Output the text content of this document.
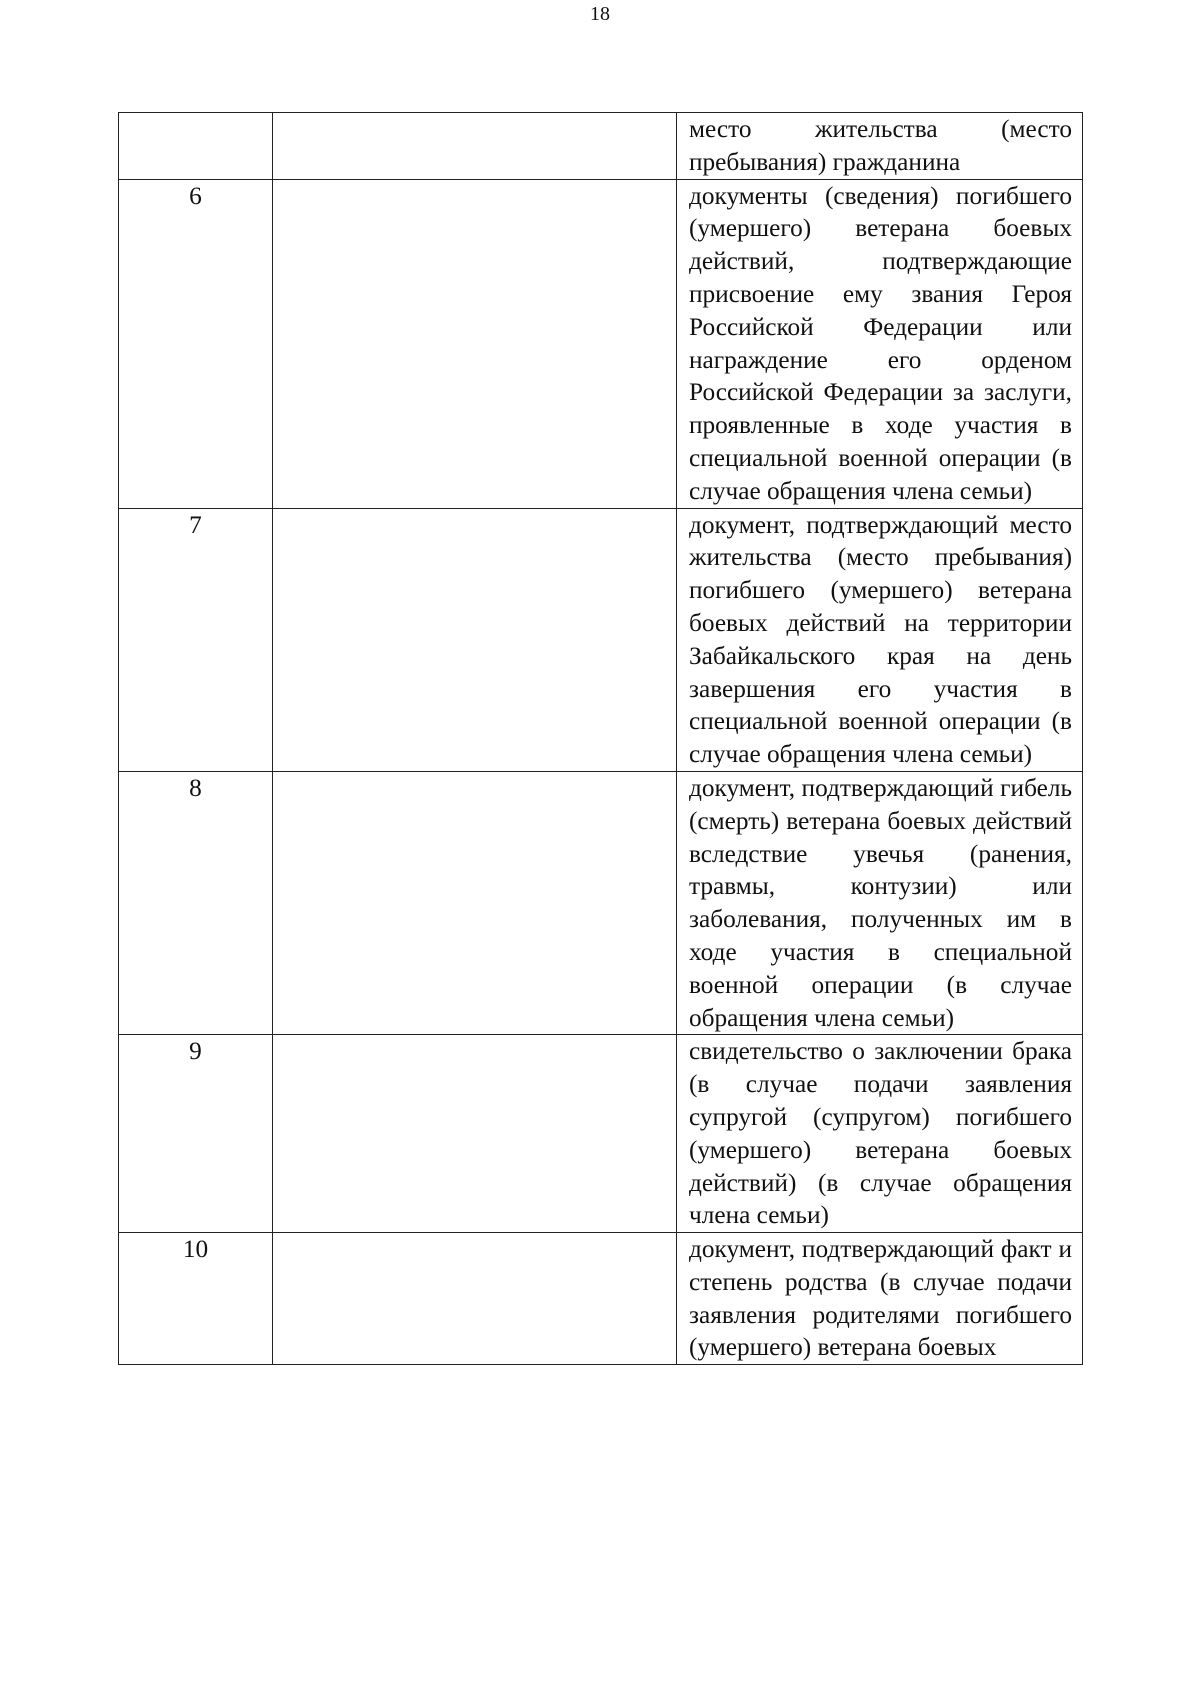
18

		место жительства (место пребывания) гражданина

6		документы (сведения) погибшего (умершего) ветерана боевых действий, подтверждающие присвоение ему звания Героя Российской Федерации или награждение его орденом Российской Федерации за заслуги, проявленные в ходе участия в специальной военной операции (в случае обращения члена семьи)

7		документ, подтверждающий место жительства (место пребывания) погибшего (умершего) ветерана боевых действий на территории Забайкальского края на день завершения его участия в специальной военной операции (в случае обращения члена семьи)

8		документ, подтверждающий гибель (смерть) ветерана боевых действий вследствие увечья (ранения, травмы, контузии) или заболевания, полученных им в ходе участия в специальной военной операции (в случае обращения члена семьи)

9		свидетельство о заключении брака (в случае подачи заявления супругой (супругом) погибшего (умершего) ветерана боевых действий) (в случае обращения члена семьи)

10		документ, подтверждающий факт и степень родства (в случае подачи заявления родителями погибшего (умершего) ветерана боевых
